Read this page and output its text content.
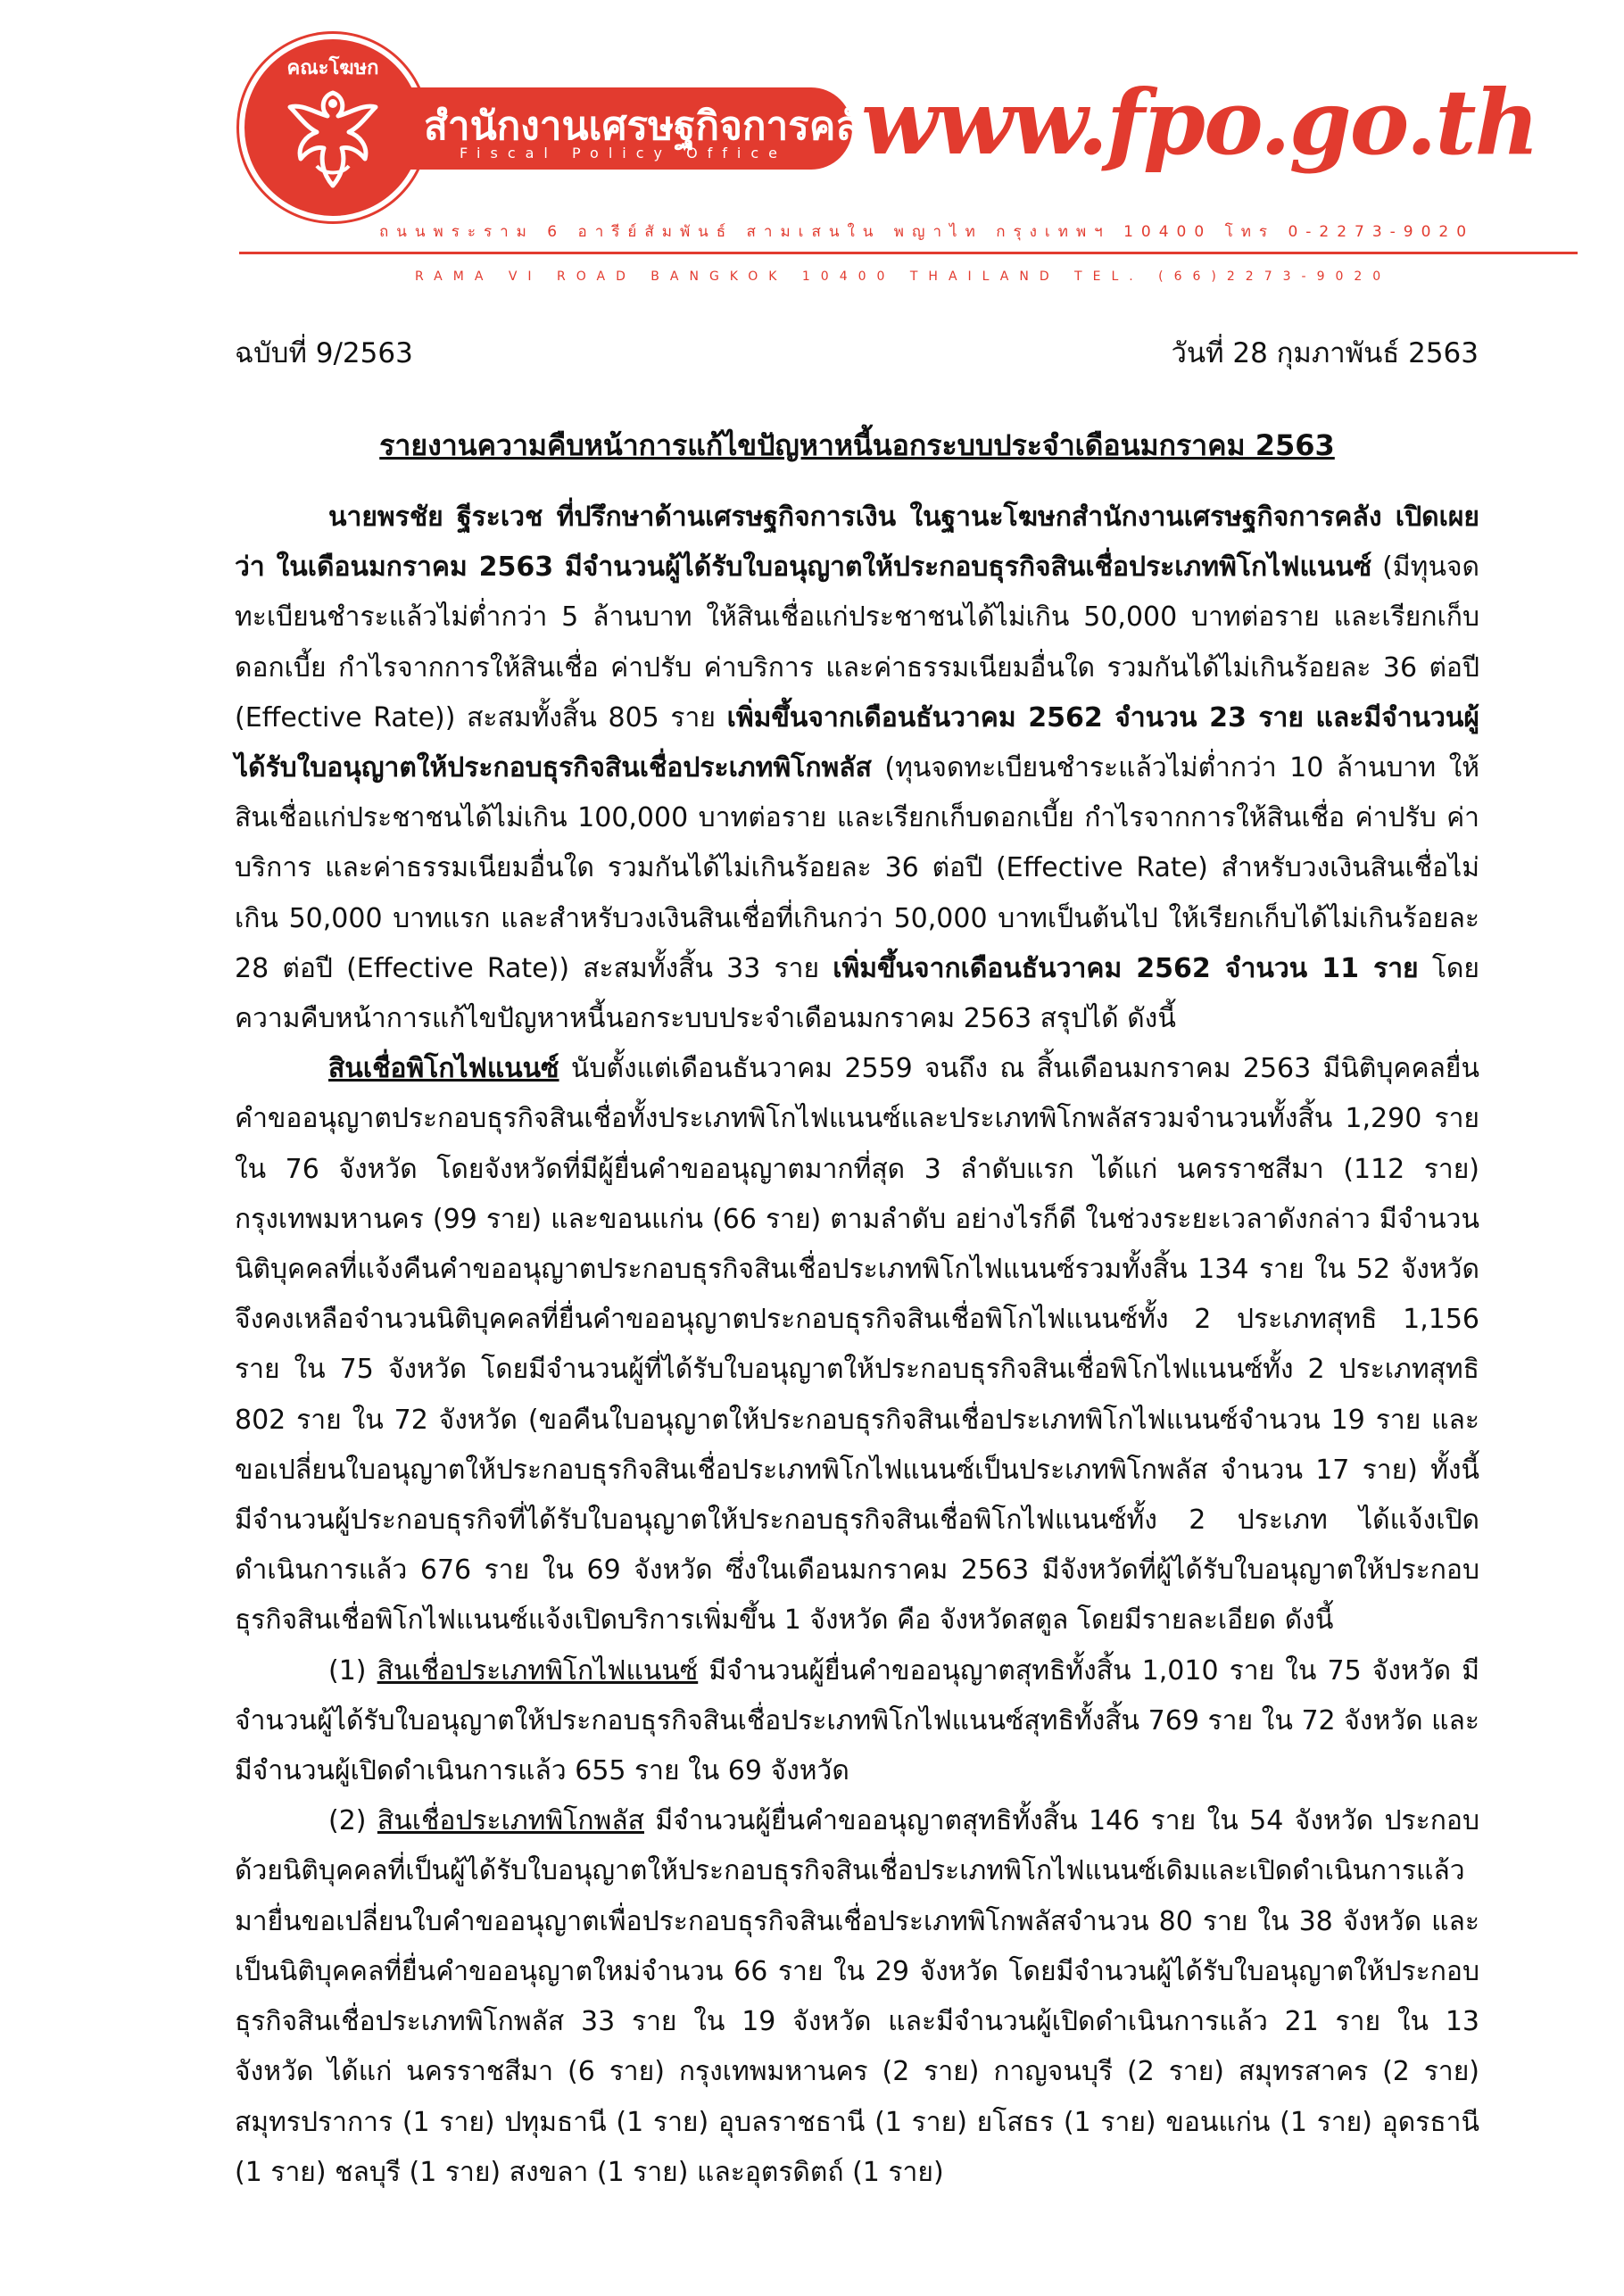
คณะโฆษก
สำนักงานเศรษฐกิจการคลัง
Fiscal Policy Office www.fpo.go.th
ถนนพระราม 6 อารีย์สัมพันธ์ สามเสนใน พญาไท กรุงเทพฯ 10400 โทร 0-2273-9020
RAMA VI ROAD BANGKOK 10400 THAILAND TEL. (66)2273-9020
ฉบับที่ 9/2563	วันที่ 28 กุมภาพันธ์ 2563
รายงานความคืบหน้าการแก้ไขปัญหาหนี้นอกระบบประจำเดือนมกราคม 2563

นายพรชัย ฐีระเวช ที่ปรึกษาด้านเศรษฐกิจการเงิน ในฐานะโฆษกสำนักงานเศรษฐกิจการคลัง เปิดเผยว่า ในเดือนมกราคม 2563 มีจำนวนผู้ได้รับใบอนุญาตให้ประกอบธุรกิจสินเชื่อประเภทพิโกไฟแนนซ์ (มีทุนจดทะเบียนชำระแล้วไม่ต่ำกว่า 5 ล้านบาท ให้สินเชื่อแก่ประชาชนได้ไม่เกิน 50,000 บาทต่อราย และเรียกเก็บดอกเบี้ย กำไรจากการให้สินเชื่อ ค่าปรับ ค่าบริการ และค่าธรรมเนียมอื่นใด รวมกันได้ไม่เกินร้อยละ 36 ต่อปี (Effective Rate)) สะสมทั้งสิ้น 805 ราย เพิ่มขึ้นจากเดือนธันวาคม 2562 จำนวน 23 ราย และมีจำนวนผู้ได้รับใบอนุญาตให้ประกอบธุรกิจสินเชื่อประเภทพิโกพลัส (ทุนจดทะเบียนชำระแล้วไม่ต่ำกว่า 10 ล้านบาท ให้สินเชื่อแก่ประชาชนได้ไม่เกิน 100,000 บาทต่อราย และเรียกเก็บดอกเบี้ย กำไรจากการให้สินเชื่อ ค่าปรับ ค่าบริการ และค่าธรรมเนียมอื่นใด รวมกันได้ไม่เกินร้อยละ 36 ต่อปี (Effective Rate) สำหรับวงเงินสินเชื่อไม่เกิน 50,000 บาทแรก และสำหรับวงเงินสินเชื่อที่เกินกว่า 50,000 บาทเป็นต้นไป ให้เรียกเก็บได้ไม่เกินร้อยละ 28 ต่อปี (Effective Rate)) สะสมทั้งสิ้น 33 ราย เพิ่มขึ้นจากเดือนธันวาคม 2562 จำนวน 11 ราย โดยความคืบหน้าการแก้ไขปัญหาหนี้นอกระบบประจำเดือนมกราคม 2563 สรุปได้ ดังนี้

สินเชื่อพิโกไฟแนนซ์ นับตั้งแต่เดือนธันวาคม 2559 จนถึง ณ สิ้นเดือนมกราคม 2563 มีนิติบุคคลยื่นคำขออนุญาตประกอบธุรกิจสินเชื่อทั้งประเภทพิโกไฟแนนซ์และประเภทพิโกพลัสรวมจำนวนทั้งสิ้น 1,290 ราย ใน 76 จังหวัด โดยจังหวัดที่มีผู้ยื่นคำขออนุญาตมากที่สุด 3 ลำดับแรก ได้แก่ นครราชสีมา (112 ราย) กรุงเทพมหานคร (99 ราย) และขอนแก่น (66 ราย) ตามลำดับ อย่างไรก็ดี ในช่วงระยะเวลาดังกล่าว มีจำนวนนิติบุคคลที่แจ้งคืนคำขออนุญาตประกอบธุรกิจสินเชื่อประเภทพิโกไฟแนนซ์รวมทั้งสิ้น 134 ราย ใน 52 จังหวัด จึงคงเหลือจำนวนนิติบุคคลที่ยื่นคำขออนุญาตประกอบธุรกิจสินเชื่อพิโกไฟแนนซ์ทั้ง 2 ประเภทสุทธิ 1,156 ราย ใน 75 จังหวัด โดยมีจำนวนผู้ที่ได้รับใบอนุญาตให้ประกอบธุรกิจสินเชื่อพิโกไฟแนนซ์ทั้ง 2 ประเภทสุทธิ 802 ราย ใน 72 จังหวัด (ขอคืนใบอนุญาตให้ประกอบธุรกิจสินเชื่อประเภทพิโกไฟแนนซ์จำนวน 19 ราย และขอเปลี่ยนใบอนุญาตให้ประกอบธุรกิจสินเชื่อประเภทพิโกไฟแนนซ์เป็นประเภทพิโกพลัส จำนวน 17 ราย) ทั้งนี้ มีจำนวนผู้ประกอบธุรกิจที่ได้รับใบอนุญาตให้ประกอบธุรกิจสินเชื่อพิโกไฟแนนซ์ทั้ง 2 ประเภท ได้แจ้งเปิดดำเนินการแล้ว 676 ราย ใน 69 จังหวัด ซึ่งในเดือนมกราคม 2563 มีจังหวัดที่ผู้ได้รับใบอนุญาตให้ประกอบธุรกิจสินเชื่อพิโกไฟแนนซ์แจ้งเปิดบริการเพิ่มขึ้น 1 จังหวัด คือ จังหวัดสตูล โดยมีรายละเอียด ดังนี้

(1) สินเชื่อประเภทพิโกไฟแนนซ์ มีจำนวนผู้ยื่นคำขออนุญาตสุทธิทั้งสิ้น 1,010 ราย ใน 75 จังหวัด มีจำนวนผู้ได้รับใบอนุญาตให้ประกอบธุรกิจสินเชื่อประเภทพิโกไฟแนนซ์สุทธิทั้งสิ้น 769 ราย ใน 72 จังหวัด และมีจำนวนผู้เปิดดำเนินการแล้ว 655 ราย ใน 69 จังหวัด

(2) สินเชื่อประเภทพิโกพลัส มีจำนวนผู้ยื่นคำขออนุญาตสุทธิทั้งสิ้น 146 ราย ใน 54 จังหวัด ประกอบด้วยนิติบุคคลที่เป็นผู้ได้รับใบอนุญาตให้ประกอบธุรกิจสินเชื่อประเภทพิโกไฟแนนซ์เดิมและเปิดดำเนินการแล้วมายื่นขอเปลี่ยนใบคำขออนุญาตเพื่อประกอบธุรกิจสินเชื่อประเภทพิโกพลัสจำนวน 80 ราย ใน 38 จังหวัด และเป็นนิติบุคคลที่ยื่นคำขออนุญาตใหม่จำนวน 66 ราย ใน 29 จังหวัด โดยมีจำนวนผู้ได้รับใบอนุญาตให้ประกอบธุรกิจสินเชื่อประเภทพิโกพลัส 33 ราย ใน 19 จังหวัด และมีจำนวนผู้เปิดดำเนินการแล้ว 21 ราย ใน 13 จังหวัด ได้แก่ นครราชสีมา (6 ราย) กรุงเทพมหานคร (2 ราย) กาญจนบุรี (2 ราย) สมุทรสาคร (2 ราย) สมุทรปราการ (1 ราย) ปทุมธานี (1 ราย) อุบลราชธานี (1 ราย) ยโสธร (1 ราย) ขอนแก่น (1 ราย) อุดรธานี (1 ราย) ชลบุรี (1 ราย) สงขลา (1 ราย) และอุตรดิตถ์ (1 ราย)
